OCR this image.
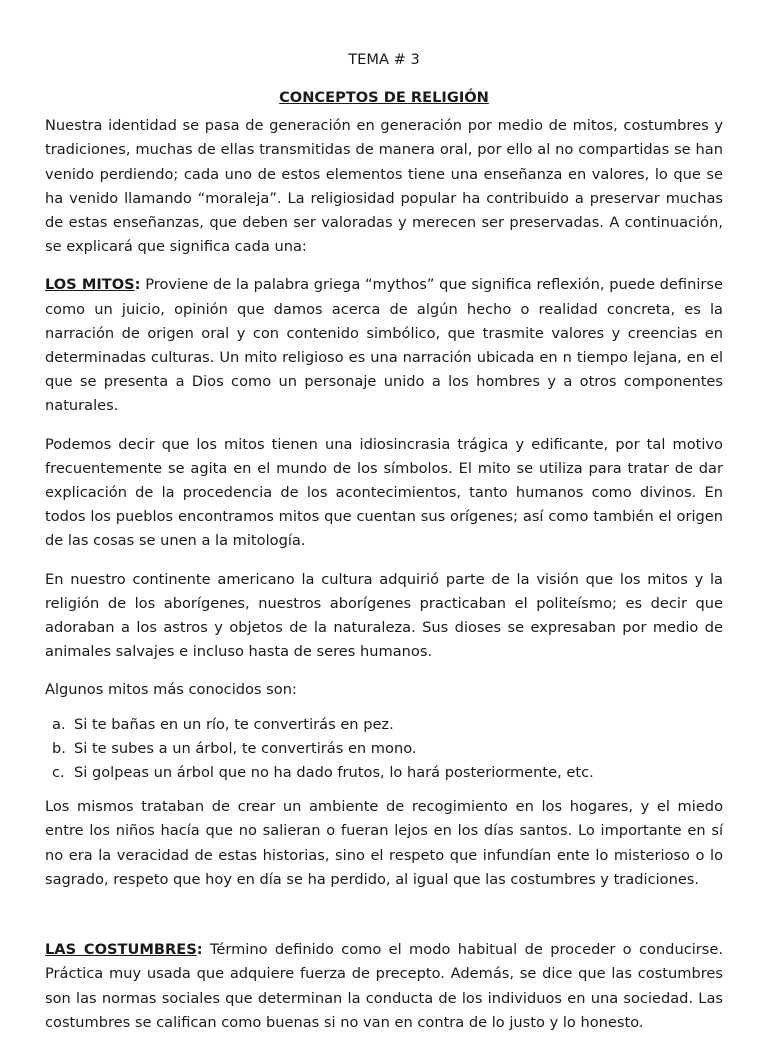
TEMA # 3
CONCEPTOS DE RELIGIÓN

Nuestra identidad se pasa de generación en generación por medio de mitos, costumbres y tradiciones, muchas de ellas transmitidas de manera oral, por ello al no compartidas se han venido perdiendo; cada uno de estos elementos tiene una enseñanza en valores, lo que se ha venido llamando “moraleja”. La religiosidad popular ha contribuido a preservar muchas de estas enseñanzas, que deben ser valoradas y merecen ser preservadas. A continuación, se explicará que significa cada una:

LOS MITOS: Proviene de la palabra griega “mythos” que significa reflexión, puede definirse como un juicio, opinión que damos acerca de algún hecho o realidad concreta, es la narración de origen oral y con contenido simbólico, que trasmite valores y creencias en determinadas culturas. Un mito religioso es una narración ubicada en n tiempo lejana, en el que se presenta a Dios como un personaje unido a los hombres y a otros componentes naturales.

Podemos decir que los mitos tienen una idiosincrasia trágica y edificante, por tal motivo frecuentemente se agita en el mundo de los símbolos. El mito se utiliza para tratar de dar explicación de la procedencia de los acontecimientos, tanto humanos como divinos. En todos los pueblos encontramos mitos que cuentan sus orígenes; así como también el origen de las cosas se unen a la mitología.

En nuestro continente americano la cultura adquirió parte de la visión que los mitos y la religión de los aborígenes, nuestros aborígenes practicaban el politeísmo; es decir que adoraban a los astros y objetos de la naturaleza. Sus dioses se expresaban por medio de animales salvajes e incluso hasta de seres humanos.

Algunos mitos más conocidos son:

a. Si te bañas en un río, te convertirás en pez.
b. Si te subes a un árbol, te convertirás en mono.
c. Si golpeas un árbol que no ha dado frutos, lo hará posteriormente, etc.

Los mismos trataban de crear un ambiente de recogimiento en los hogares, y el miedo entre los niños hacía que no salieran o fueran lejos en los días santos. Lo importante en sí no era la veracidad de estas historias, sino el respeto que infundían ente lo misterioso o lo sagrado, respeto que hoy en día se ha perdido, al igual que las costumbres y tradiciones.

LAS COSTUMBRES: Término definido como el modo habitual de proceder o conducirse. Práctica muy usada que adquiere fuerza de precepto. Además, se dice que las costumbres son las normas sociales que determinan la conducta de los individuos en una sociedad. Las costumbres se califican como buenas si no van en contra de lo justo y lo honesto.
